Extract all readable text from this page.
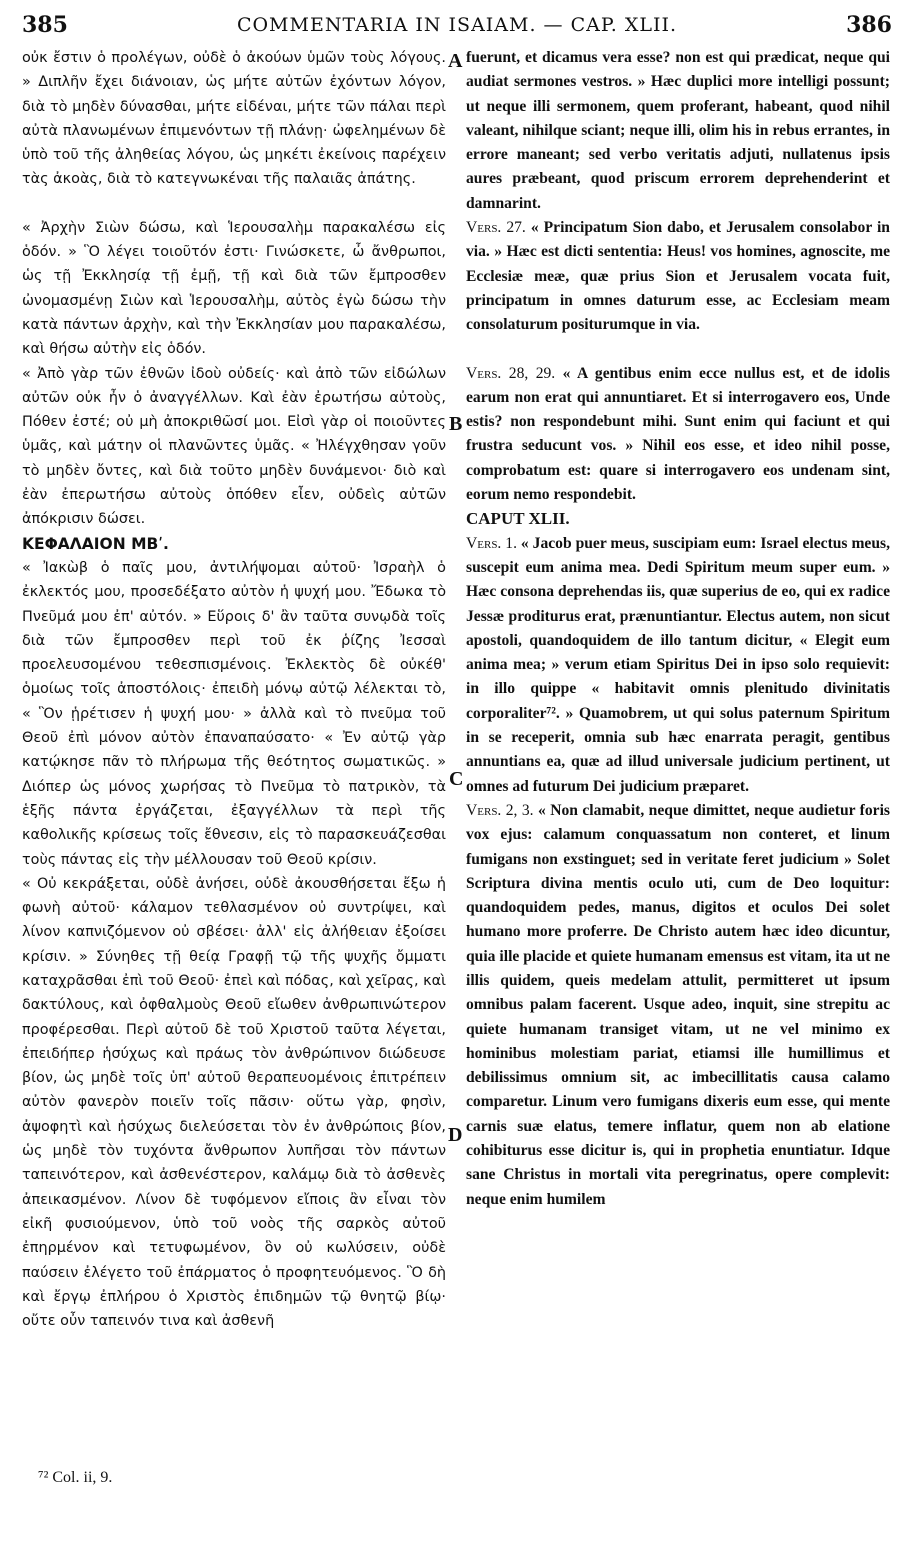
385	COMMENTARIA IN ISAIAM. — CAP. XLII.	386

οὐκ ἔστιν ὁ προλέγων, οὐδὲ ὁ ἀκούων ὑμῶν τοὺς λόγους. » Διπλῆν ἔχει διάνοιαν, ὡς μήτε αὐτῶν ἐχόντων λόγον, διὰ τὸ μηδὲν δύνασθαι, μήτε εἰδέναι, μήτε τῶν πάλαι περὶ αὐτὰ πλανωμένων ἐπιμενόντων τῇ πλάνῃ· ὠφελημένων δὲ ὑπὸ τοῦ τῆς ἀληθείας λόγου, ὡς μηκέτι ἐκείνοις παρέχειν τὰς ἀκοὰς, διὰ τὸ κατεγνωκέναι τῆς παλαιᾶς ἀπάτης.

« Ἀρχὴν Σιὼν δώσω, καὶ Ἱερουσαλὴμ παρακαλέσω εἰς ὁδόν. » Ὃ λέγει τοιοῦτόν ἐστι· Γινώσκετε, ὦ ἄνθρωποι, ὡς τῇ Ἐκκλησίᾳ τῇ ἐμῇ, τῇ καὶ διὰ τῶν ἔμπροσθεν ὠνομασμένῃ Σιὼν καὶ Ἱερουσαλὴμ, αὐτὸς ἐγὼ δώσω τὴν κατὰ πάντων ἀρχὴν, καὶ τὴν Ἐκκλησίαν μου παρακαλέσω, καὶ θήσω αὐτὴν εἰς ὁδόν.

« Ἀπὸ γὰρ τῶν ἐθνῶν ἰδοὺ οὐδείς· καὶ ἀπὸ τῶν εἰδώλων αὐτῶν οὐκ ἦν ὁ ἀναγγέλλων. Καὶ ἐὰν ἐρωτήσω αὐτοὺς, Πόθεν ἐστέ; οὐ μὴ ἀποκριθῶσί μοι. Εἰσὶ γὰρ οἱ ποιοῦντες ὑμᾶς, καὶ μάτην οἱ πλανῶντες ὑμᾶς. « Ἠλέγχθησαν γοῦν τὸ μηδὲν ὄντες, καὶ διὰ τοῦτο μηδὲν δυνάμενοι· διὸ καὶ ἐὰν ἐπερωτήσω αὐτοὺς ὁπόθεν εἶεν, οὐδεὶς αὐτῶν ἀπόκρισιν δώσει.

ΚΕΦΑΛΑΙΟΝ ΜΒʹ.

« Ἰακὼβ ὁ παῖς μου, ἀντιλήψομαι αὐτοῦ· Ἰσραὴλ ὁ ἐκλεκτός μου, προσεδέξατο αὐτὸν ἡ ψυχή μου. Ἔδωκα τὸ Πνεῦμά μου ἐπ' αὐτόν. » Εὕροις δ' ἂν ταῦτα συνῳδὰ τοῖς διὰ τῶν ἔμπροσθεν περὶ τοῦ ἐκ ῥίζης Ἰεσσαὶ προελευσομένου τεθεσπισμένοις. Ἐκλεκτὸς δὲ οὐκέθ' ὁμοίως τοῖς ἀποστόλοις· ἐπειδὴ μόνῳ αὐτῷ λέλεκται τὸ, « Ὃν ᾑρέτισεν ἡ ψυχή μου· » ἀλλὰ καὶ τὸ πνεῦμα τοῦ Θεοῦ ἐπὶ μόνον αὐτὸν ἐπαναπαύσατο· « Ἐν αὐτῷ γὰρ κατῴκησε πᾶν τὸ πλήρωμα τῆς θεότητος σωματικῶς. » Διόπερ ὡς μόνος χωρήσας τὸ Πνεῦμα τὸ πατρικὸν, τὰ ἑξῆς πάντα ἐργάζεται, ἐξαγγέλλων τὰ περὶ τῆς καθολικῆς κρίσεως τοῖς ἔθνεσιν, εἰς τὸ παρασκευάζεσθαι τοὺς πάντας εἰς τὴν μέλλουσαν τοῦ Θεοῦ κρίσιν.

« Οὐ κεκράξεται, οὐδὲ ἀνήσει, οὐδὲ ἀκουσθήσεται ἔξω ἡ φωνὴ αὐτοῦ· κάλαμον τεθλασμένον οὐ συντρίψει, καὶ λίνον καπνιζόμενον οὐ σβέσει· ἀλλ' εἰς ἀλήθειαν ἐξοίσει κρίσιν. » Σύνηθες τῇ θείᾳ Γραφῇ τῷ τῆς ψυχῆς ὄμματι καταχρᾶσθαι ἐπὶ τοῦ Θεοῦ· ἐπεὶ καὶ πόδας, καὶ χεῖρας, καὶ δακτύλους, καὶ ὀφθαλμοὺς Θεοῦ εἴωθεν ἀνθρωπινώτερον προφέρεσθαι. Περὶ αὐτοῦ δὲ τοῦ Χριστοῦ ταῦτα λέγεται, ἐπειδήπερ ἡσύχως καὶ πράως τὸν ἀνθρώπινον διώδευσε βίον, ὡς μηδὲ τοῖς ὑπ' αὐτοῦ θεραπευομένοις ἐπιτρέπειν αὐτὸν φανερὸν ποιεῖν τοῖς πᾶσιν· οὕτω γὰρ, φησὶν, ἀψοφητὶ καὶ ἡσύχως διελεύσεται τὸν ἐν ἀνθρώποις βίον, ὡς μηδὲ τὸν τυχόντα ἄνθρωπον λυπῆσαι τὸν πάντων ταπεινότερον, καὶ ἀσθενέστερον, καλάμῳ διὰ τὸ ἀσθενὲς ἀπεικασμένον. Λίνον δὲ τυφόμενον εἴποις ἂν εἶναι τὸν εἰκῆ φυσιούμενον, ὑπὸ τοῦ νοὸς τῆς σαρκὸς αὐτοῦ ἐπηρμένον καὶ τετυφωμένον, ὃν οὐ κωλύσειν, οὐδὲ παύσειν ἐλέγετο τοῦ ἐπάρματος ὁ προφητευόμενος. Ὃ δὴ καὶ ἔργῳ ἐπλήρου ὁ Χριστὸς ἐπιδημῶν τῷ θνητῷ βίῳ· οὔτε οὖν ταπεινόν τινα καὶ ἀσθενῆ

fuerunt, et dicamus vera esse? non est qui prædicat, neque qui audiat sermones vestros. » Hæc duplici more intelligi possunt; ut neque illi sermonem, quem proferant, habeant, quod nihil valeant, nihilque sciant; neque illi, olim his in rebus errantes, in errore maneant; sed verbo veritatis adjuti, nullatenus ipsis aures præbeant, quod priscum errorem deprehenderint et damnarint.

Vers. 27. « Principatum Sion dabo, et Jerusalem consolabor in via. » Hæc est dicti sententia: Heus! vos homines, agnoscite, me Ecclesiæ meæ, quæ prius Sion et Jerusalem vocata fuit, principatum in omnes daturum esse, ac Ecclesiam meam consolaturum positurumque in via.

Vers. 28, 29. « A gentibus enim ecce nullus est, et de idolis earum non erat qui annuntiaret. Et si interrogavero eos, Unde estis? non respondebunt mihi. Sunt enim qui faciunt et qui frustra seducunt vos. » Nihil eos esse, et ideo nihil posse, comprobatum est: quare si interrogavero eos undenam sint, eorum nemo respondebit.

CAPUT XLII.

Vers. 1. « Jacob puer meus, suscipiam eum: Israel electus meus, suscepit eum anima mea. Dedi Spiritum meum super eum. » Hæc consona deprehendas iis, quæ superius de eo, qui ex radice Jessæ proditurus erat, prænuntiantur. Electus autem, non sicut apostoli, quandoquidem de illo tantum dicitur, « Elegit eum anima mea; » verum etiam Spiritus Dei in ipso solo requievit: in illo quippe « habitavit omnis plenitudo divinitatis corporaliter⁷². » Quamobrem, ut qui solus paternum Spiritum in se receperit, omnia sub hæc enarrata peragit, gentibus annuntians ea, quæ ad illud universale judicium pertinent, ut omnes ad futurum Dei judicium præparet.

Vers. 2, 3. « Non clamabit, neque dimittet, neque audietur foris vox ejus: calamum conquassatum non conteret, et linum fumigans non exstinguet; sed in veritate feret judicium » Solet Scriptura divina mentis oculo uti, cum de Deo loquitur: quandoquidem pedes, manus, digitos et oculos Dei solet humano more proferre. De Christo autem hæc ideo dicuntur, quia ille placide et quiete humanam emensus est vitam, ita ut ne illis quidem, queis medelam attulit, permitteret ut ipsum omnibus palam facerent. Usque adeo, inquit, sine strepitu ac quiete humanam transiget vitam, ut ne vel minimo ex hominibus molestiam pariat, etiamsi ille humillimus et debilissimus omnium sit, ac imbecillitatis causa calamo comparetur. Linum vero fumigans dixeris eum esse, qui mente carnis suæ elatus, temere inflatur, quem non ab elatione cohibiturus esse dicitur is, qui in prophetia enuntiatur. Idque sane Christus in mortali vita peregrinatus, opere complevit: neque enim humilem

A
B
C
D
⁷² Col. ii, 9.
